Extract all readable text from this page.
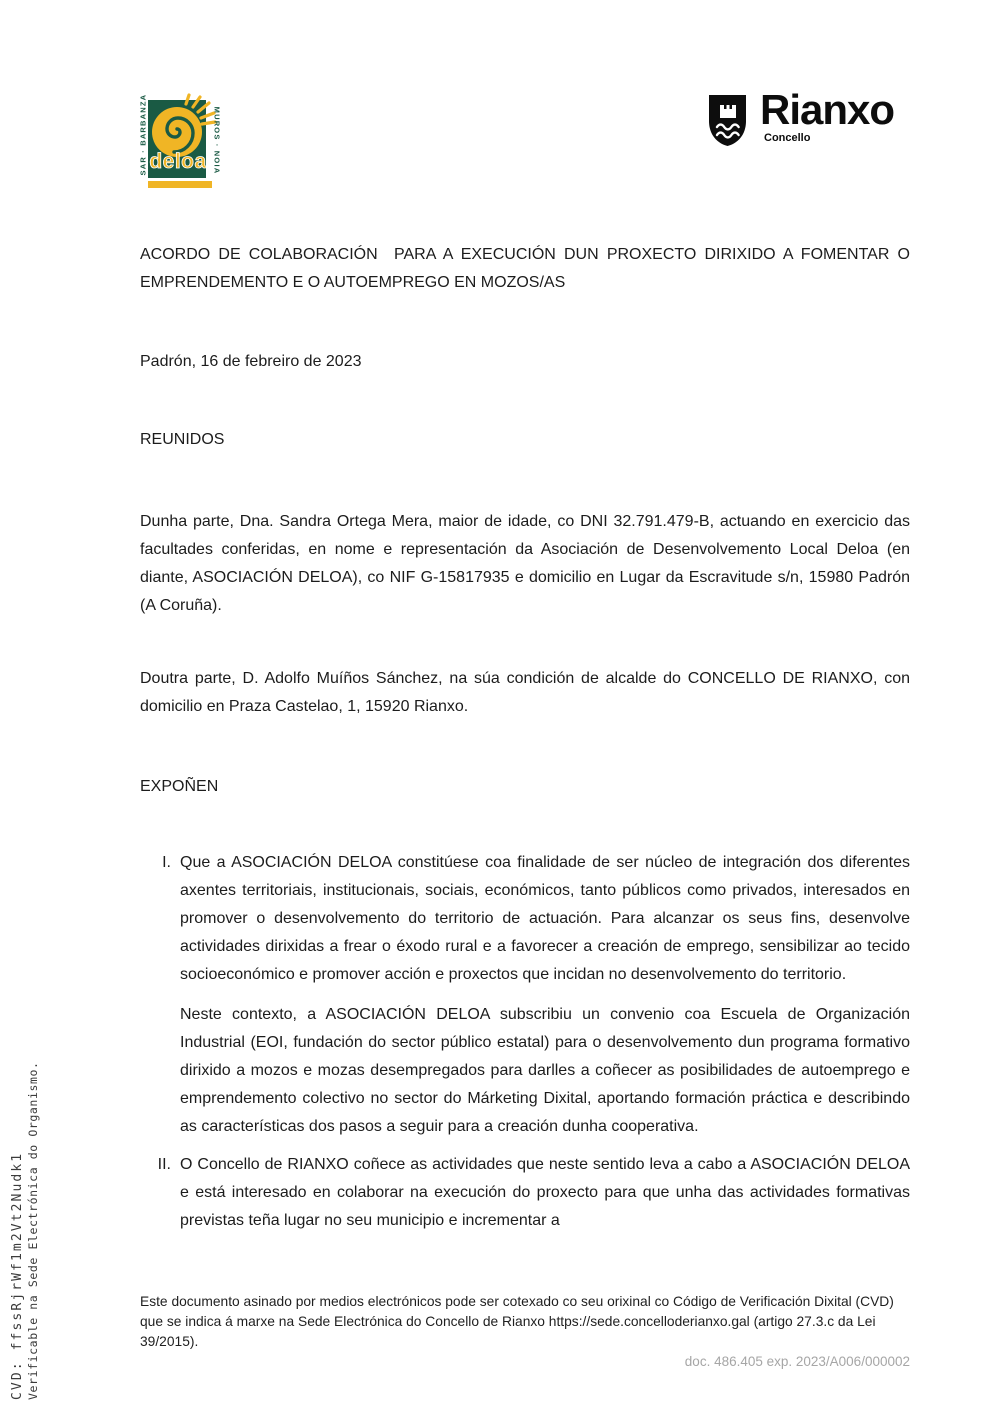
CVD: ffssRjrWf1m2Vt2Nudk1 Verificable na Sede Electrónica do Organismo.
SAR · BARBANZA	MUROS · NOIA
deloa
Rianxo
Concello

ACORDO DE COLABORACIÓN  PARA A EXECUCIÓN DUN PROXECTO DIRIXIDO A FOMENTAR O EMPRENDEMENTO E O AUTOEMPREGO EN MOZOS/AS

Padrón, 16 de febreiro de 2023

REUNIDOS

Dunha parte, Dna. Sandra Ortega Mera, maior de idade, co DNI 32.791.479-B, actuando en exercicio das facultades conferidas, en nome e representación da Asociación de Desenvolvemento Local Deloa (en diante, ASOCIACIÓN DELOA), co NIF G-15817935 e domicilio en Lugar da Escravitude s/n, 15980 Padrón (A Coruña).

Doutra parte, D. Adolfo Muíños Sánchez, na súa condición de alcalde do CONCELLO DE RIANXO, con domicilio en Praza Castelao, 1, 15920 Rianxo.

EXPOÑEN

I. Que a ASOCIACIÓN DELOA constitúese coa finalidade de ser núcleo de integración dos diferentes axentes territoriais, institucionais, sociais, económicos, tanto públicos como privados, interesados en promover o desenvolvemento do territorio de actuación. Para alcanzar os seus fins, desenvolve actividades dirixidas a frear o éxodo rural e a favorecer a creación de emprego, sensibilizar ao tecido socioeconómico e promover acción e proxectos que incidan no desenvolvemento do territorio.

Neste contexto, a ASOCIACIÓN DELOA subscribiu un convenio coa Escuela de Organización Industrial (EOI, fundación do sector público estatal) para o desenvolvemento dun programa formativo dirixido a mozos e mozas desempregados para darlles a coñecer as posibilidades de autoemprego e emprendemento colectivo no sector do Márketing Dixital, aportando formación práctica e describindo as características dos pasos a seguir para a creación dunha cooperativa.

II. O Concello de RIANXO coñece as actividades que neste sentido leva a cabo a ASOCIACIÓN DELOA e está interesado en colaborar na execución do proxecto para que unha das actividades formativas previstas teña lugar no seu municipio e incrementar a

Este documento asinado por medios electrónicos pode ser cotexado co seu orixinal co Código de Verificación Dixital (CVD) que se indica á marxe na Sede Electrónica do Concello de Rianxo https://sede.concelloderianxo.gal (artigo 27.3.c da Lei 39/2015).

doc. 486.405 exp. 2023/A006/000002
